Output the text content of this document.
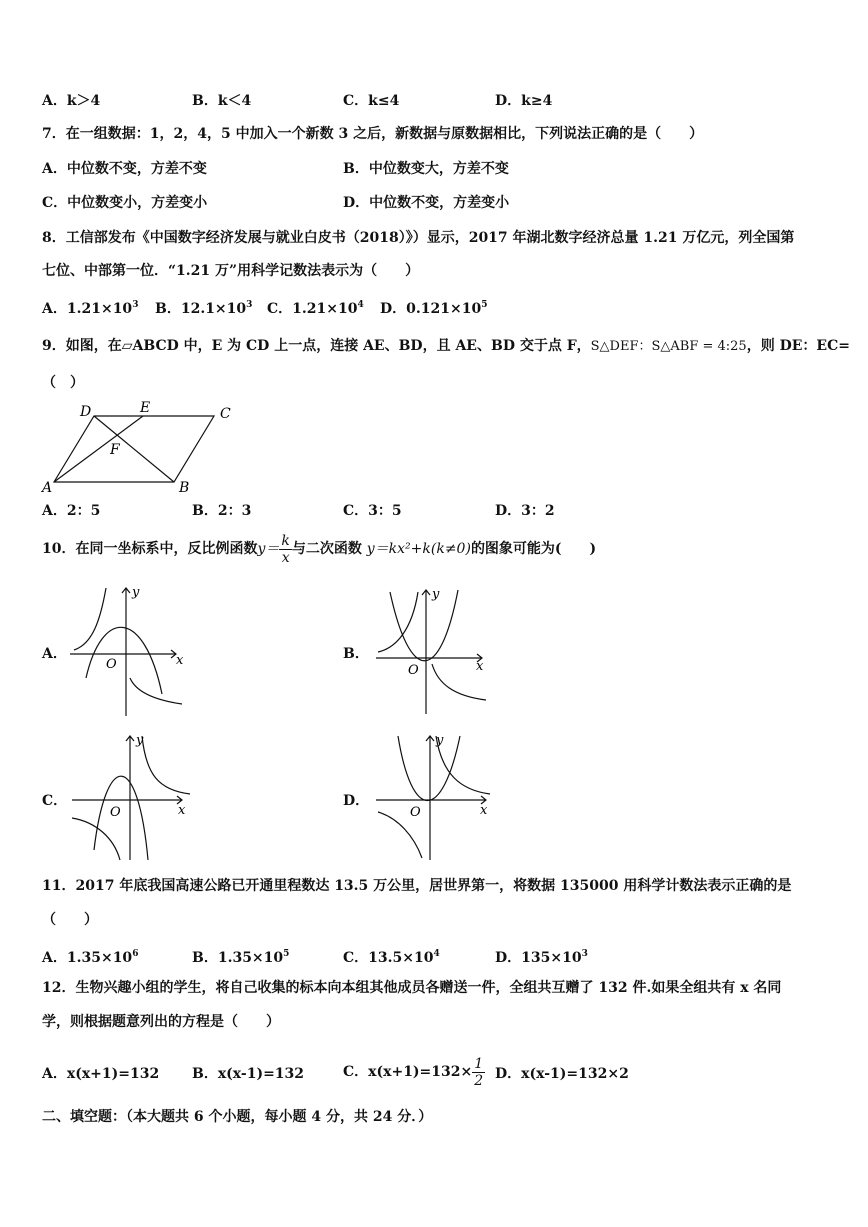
A．k＞4	B．k＜4	C．k≤4	D．k≥4
7．在一组数据：1，2，4，5 中加入一个新数 3 之后，新数据与原数据相比，下列说法正确的是（　　）
A．中位数不变，方差不变	B．中位数变大，方差不变
C．中位数变小，方差变小	D．中位数不变，方差变小
8．工信部发布《中国数字经济发展与就业白皮书（2018）》）显示，2017 年湖北数字经济总量 1.21 万亿元，列全国第
七位、中部第一位．“1.21 万”用科学记数法表示为（　　）
A．$1.21\times 10^3$ B．$12.1\times 10^3$ C．$1.21\times 10^4$ D．$0.121\times 10^5$
9．如图，在▱ABCD 中，E 为 CD 上一点，连接 AE、BD，且 AE、BD 交于点 F，S△DEF：S△ABF = 4:25，则 DE：EC=
（　）
A	B
C
D	E
F
A．2：5	B．2：3	C．3：5	D．3：2
10．在同一坐标系中，反比例函数$y= \frac{k}{x}$ 与二次函数 y＝kx²+k(k≠0)的图象可能为(　　)
A．	B．
C．	D．
y
x
O
y
x
O
y
x
O
y
x
O
11．2017 年底我国高速公路已开通里程数达 13.5 万公里，居世界第一，将数据 135000 用科学计数法表示正确的是
（　　）
A．$1.35\times 10^6$	B．$1.35\times 10^5$	C．$13.5\times 10^4$	D．$135\times 10^3$
12．生物兴趣小组的学生，将自己收集的标本向本组其他成员各赠送一件，全组共互赠了 132 件.如果全组共有 x 名同
学，则根据题意列出的方程是（　　）
A．x(x+1)=132 B．x(x-1)=132	C．$x(x+1)=132\times \frac{1}{2}$ D．x(x-1)=132×2
二、填空题：（本大题共 6 个小题，每小题 4 分，共 24 分．）
